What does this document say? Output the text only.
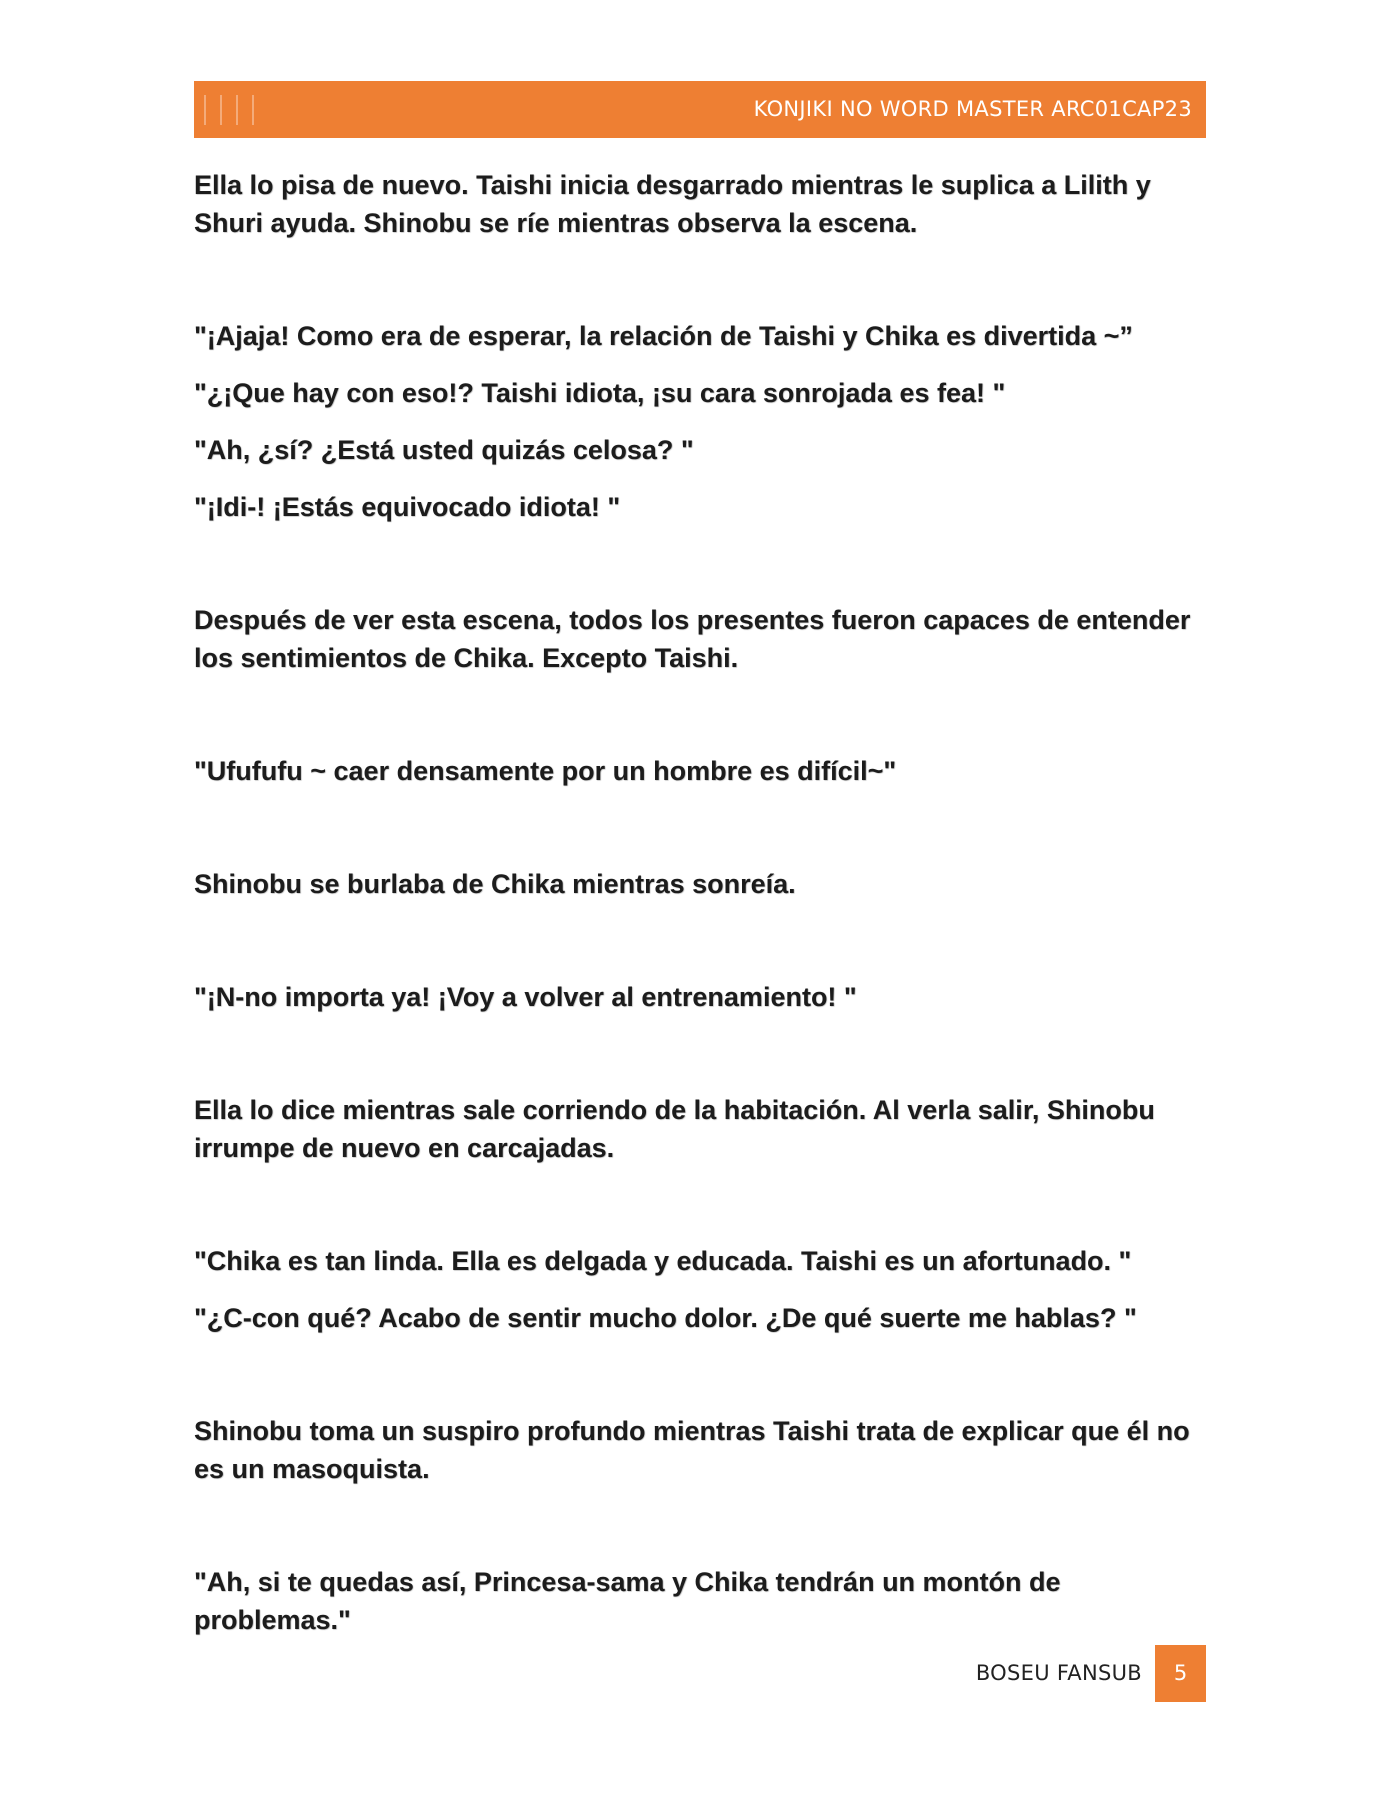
KONJIKI NO WORD MASTER ARC01CAP23

Ella lo pisa de nuevo. Taishi inicia desgarrado mientras le suplica a Lilith y Shuri ayuda. Shinobu se ríe mientras observa la escena.

"¡Ajaja! Como era de esperar, la relación de Taishi y Chika es divertida ~”

"¿¡Que hay con eso!? Taishi idiota, ¡su cara sonrojada es fea! "

"Ah, ¿sí? ¿Está usted quizás celosa? "

"¡Idi-! ¡Estás equivocado idiota! "

Después de ver esta escena, todos los presentes fueron capaces de entender los sentimientos de Chika. Excepto Taishi.

"Ufufufu ~ caer densamente por un hombre es difícil~"

Shinobu se burlaba de Chika mientras sonreía.

"¡N-no importa ya! ¡Voy a volver al entrenamiento! "

Ella lo dice mientras sale corriendo de la habitación. Al verla salir, Shinobu irrumpe de nuevo en carcajadas.

"Chika es tan linda. Ella es delgada y educada. Taishi es un afortunado. "

"¿C-con qué? Acabo de sentir mucho dolor. ¿De qué suerte me hablas? "

Shinobu toma un suspiro profundo mientras Taishi trata de explicar que él no es un masoquista.

"Ah, si te quedas así, Princesa-sama y Chika tendrán un montón de problemas."

BOSEU FANSUB	5
